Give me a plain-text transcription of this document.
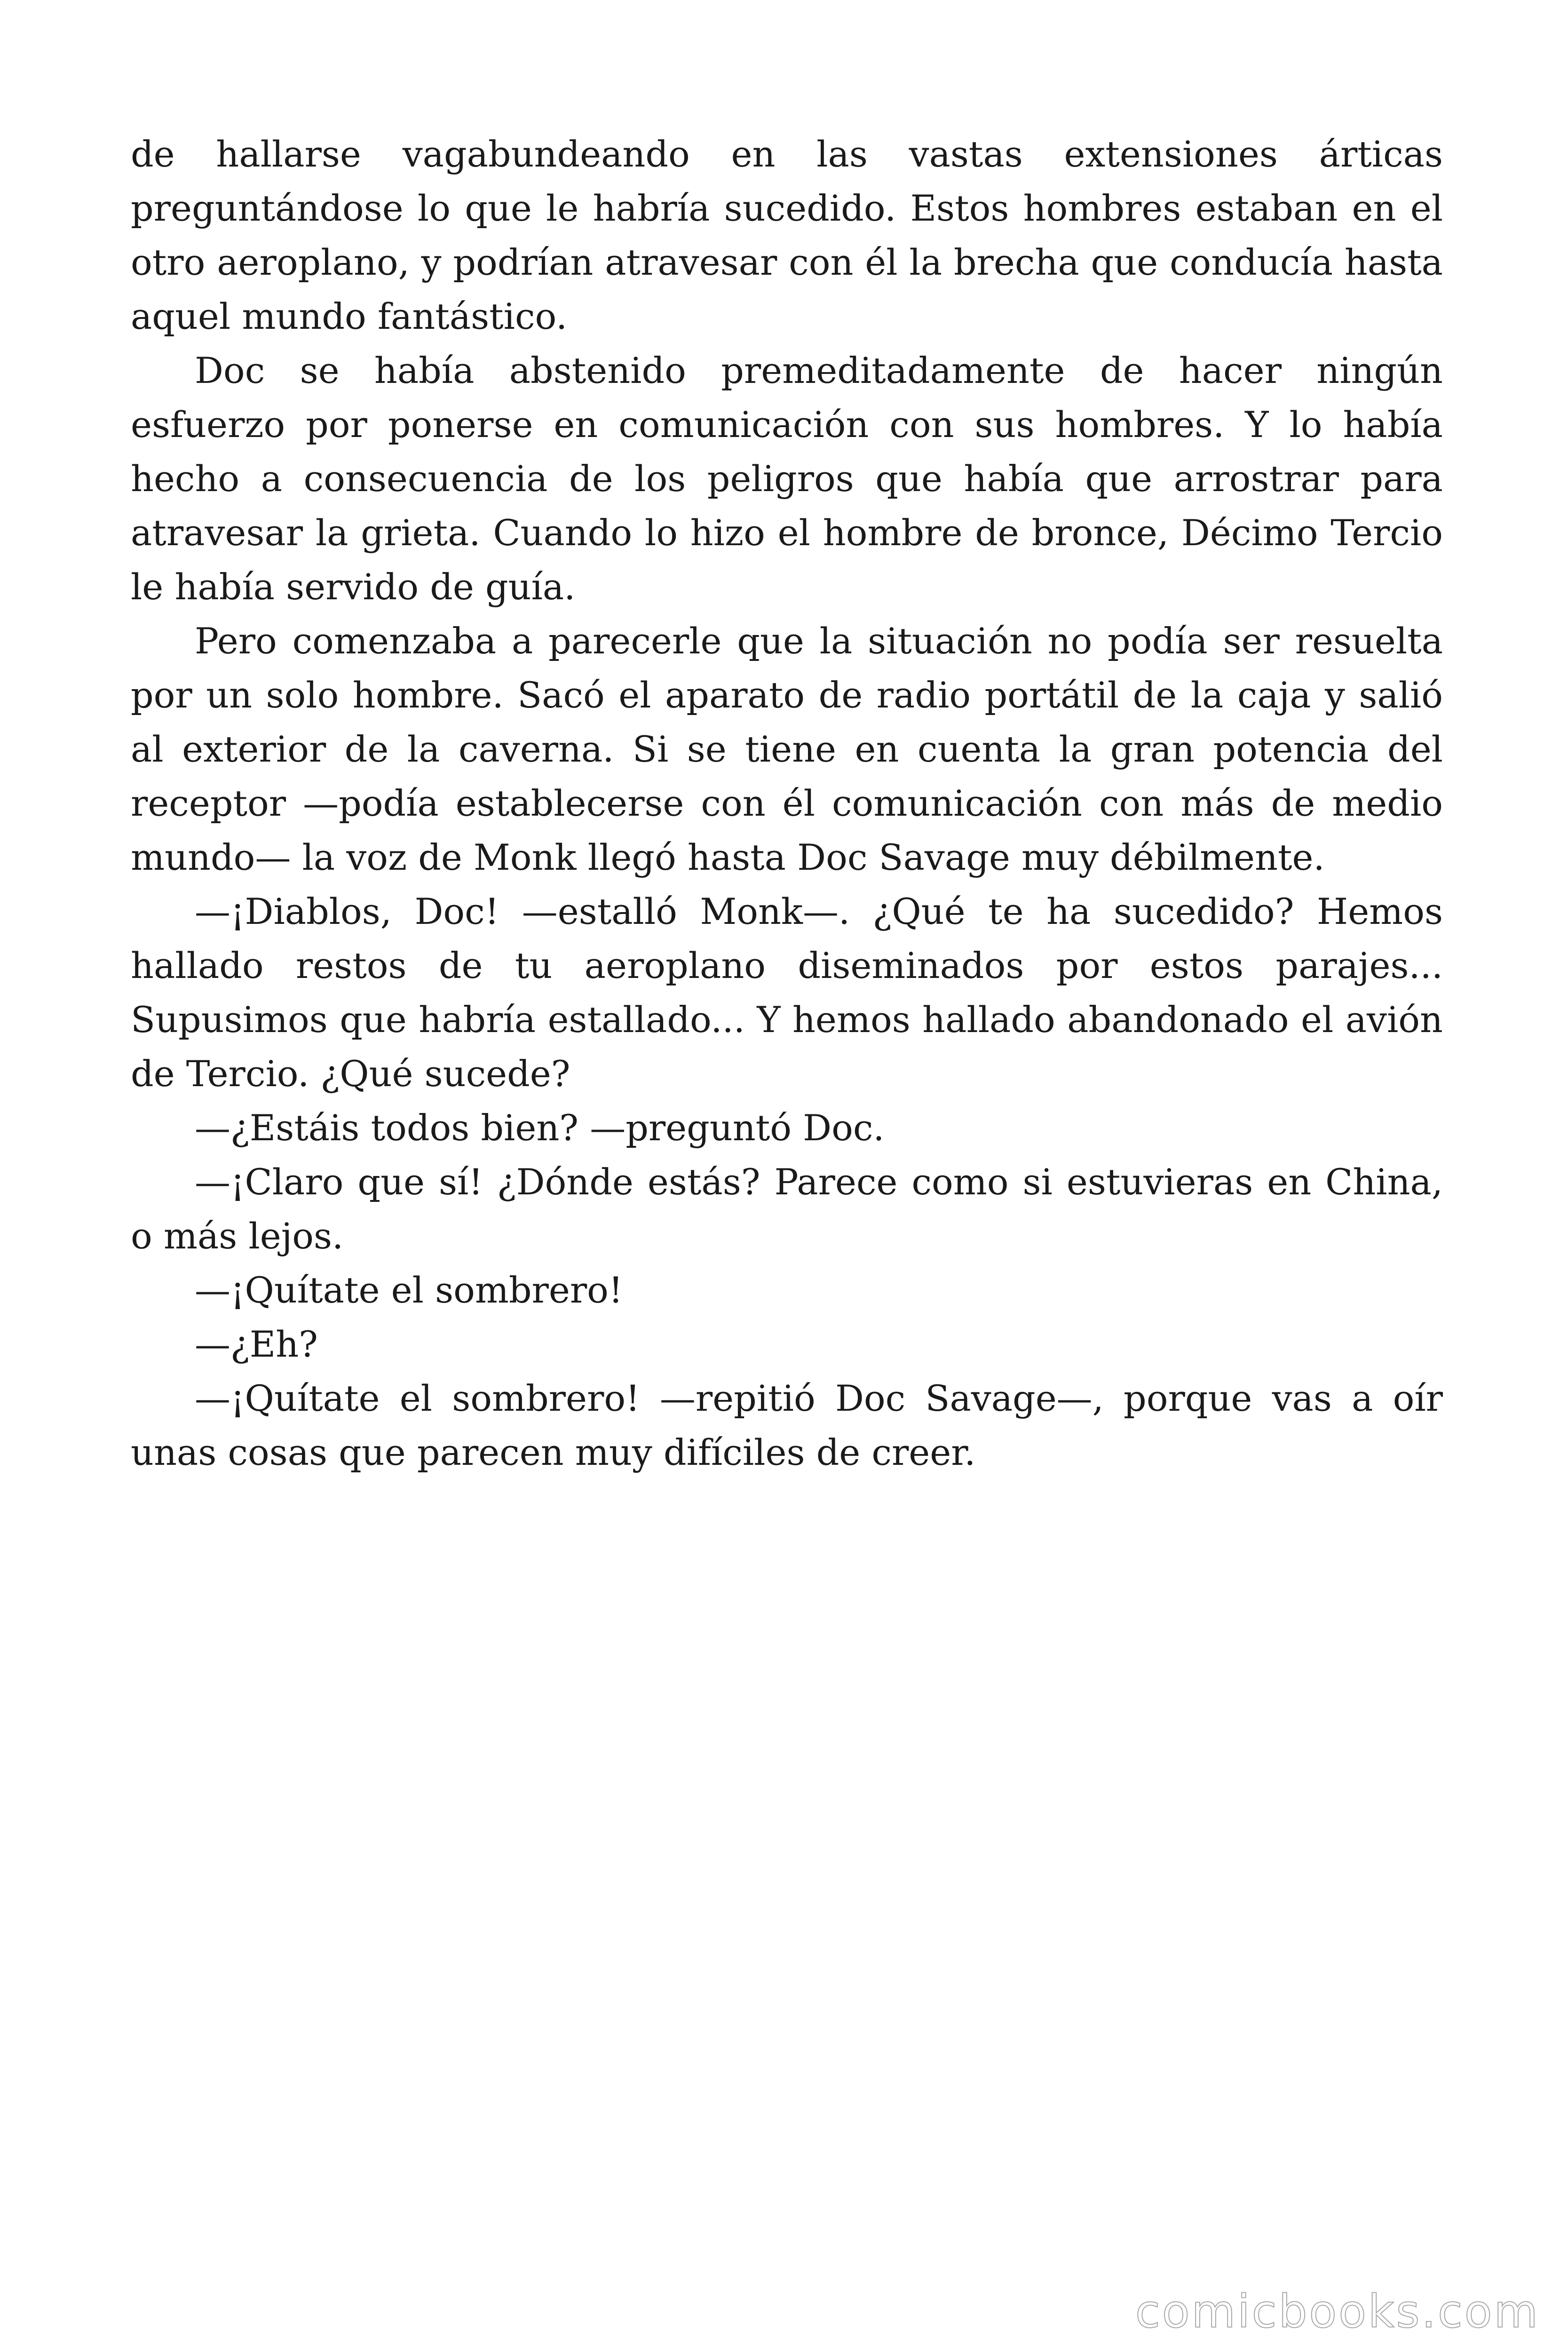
de hallarse vagabundeando en las vastas extensiones árticas preguntándose lo que le habría sucedido. Estos hombres estaban en el otro aeroplano, y podrían atravesar con él la brecha que conducía hasta aquel mundo fantástico.

Doc se había abstenido premeditadamente de hacer ningún esfuerzo por ponerse en comunicación con sus hombres. Y lo había hecho a consecuencia de los peligros que había que arrostrar para atravesar la grieta. Cuando lo hizo el hombre de bronce, Décimo Tercio le había servido de guía.

Pero comenzaba a parecerle que la situación no podía ser resuelta por un solo hombre. Sacó el aparato de radio portátil de la caja y salió al exterior de la caverna. Si se tiene en cuenta la gran potencia del receptor —podía establecerse con él comunicación con más de medio mundo— la voz de Monk llegó hasta Doc Savage muy débilmente.

—¡Diablos, Doc! —estalló Monk—. ¿Qué te ha sucedido? Hemos hallado restos de tu aeroplano diseminados por estos parajes... Supusimos que habría estallado... Y hemos hallado abandonado el avión de Tercio. ¿Qué sucede?

—¿Estáis todos bien? —preguntó Doc.

—¡Claro que sí! ¿Dónde estás? Parece como si estuvieras en China, o más lejos.

—¡Quítate el sombrero!

—¿Eh?

—¡Quítate el sombrero! —repitió Doc Savage—, porque vas a oír unas cosas que parecen muy difíciles de creer.

comicbooks.com
